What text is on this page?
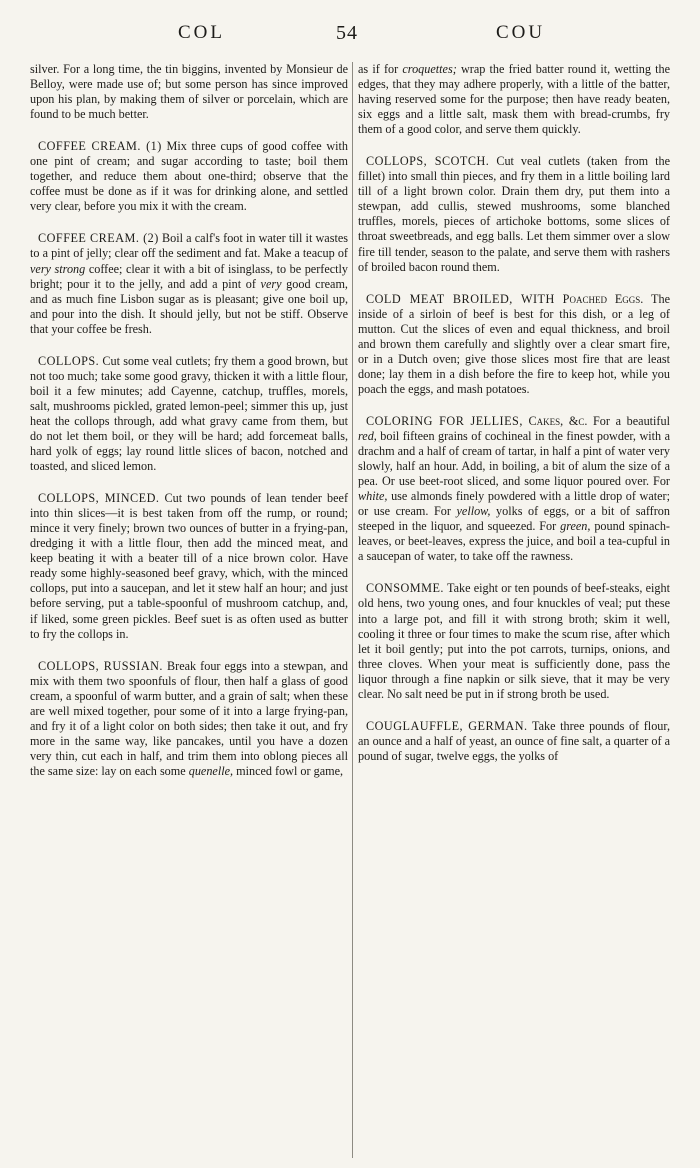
COL	54	COU

silver. For a long time, the tin biggins, invented by Monsieur de Belloy, were made use of; but some person has since improved upon his plan, by making them of silver or porcelain, which are found to be much better.

COFFEE CREAM. (1) Mix three cups of good coffee with one pint of cream; and sugar according to taste; boil them together, and reduce them about one-third; observe that the coffee must be done as if it was for drinking alone, and settled very clear, before you mix it with the cream.

COFFEE CREAM. (2) Boil a calf's foot in water till it wastes to a pint of jelly; clear off the sediment and fat. Make a teacup of very strong coffee; clear it with a bit of isinglass, to be perfectly bright; pour it to the jelly, and add a pint of very good cream, and as much fine Lisbon sugar as is pleasant; give one boil up, and pour into the dish. It should jelly, but not be stiff. Observe that your coffee be fresh.

COLLOPS. Cut some veal cutlets; fry them a good brown, but not too much; take some good gravy, thicken it with a little flour, boil it a few minutes; add Cayenne, catchup, truffles, morels, salt, mushrooms pickled, grated lemon-peel; simmer this up, just heat the collops through, add what gravy came from them, but do not let them boil, or they will be hard; add forcemeat balls, hard yolk of eggs; lay round little slices of bacon, notched and toasted, and sliced lemon.

COLLOPS, MINCED. Cut two pounds of lean tender beef into thin slices—it is best taken from off the rump, or round; mince it very finely; brown two ounces of butter in a frying-pan, dredging it with a little flour, then add the minced meat, and keep beating it with a beater till of a nice brown color. Have ready some highly-seasoned beef gravy, which, with the minced collops, put into a saucepan, and let it stew half an hour; and just before serving, put a table-spoonful of mushroom catchup, and, if liked, some green pickles. Beef suet is as often used as butter to fry the collops in.

COLLOPS, RUSSIAN. Break four eggs into a stewpan, and mix with them two spoonfuls of flour, then half a glass of good cream, a spoonful of warm butter, and a grain of salt; when these are well mixed together, pour some of it into a large frying-pan, and fry it of a light color on both sides; then take it out, and fry more in the same way, like pancakes, until you have a dozen very thin, cut each in half, and trim them into oblong pieces all the same size: lay on each some quenelle, minced fowl or game,

as if for croquettes; wrap the fried batter round it, wetting the edges, that they may adhere properly, with a little of the batter, having reserved some for the purpose; then have ready beaten, six eggs and a little salt, mask them with bread-crumbs, fry them of a good color, and serve them quickly.

COLLOPS, SCOTCH. Cut veal cutlets (taken from the fillet) into small thin pieces, and fry them in a little boiling lard till of a light brown color. Drain them dry, put them into a stewpan, add cullis, stewed mushrooms, some blanched truffles, morels, pieces of artichoke bottoms, some slices of throat sweetbreads, and egg balls. Let them simmer over a slow fire till tender, season to the palate, and serve them with rashers of broiled bacon round them.

COLD MEAT BROILED, WITH Poached Eggs. The inside of a sirloin of beef is best for this dish, or a leg of mutton. Cut the slices of even and equal thickness, and broil and brown them carefully and slightly over a clear smart fire, or in a Dutch oven; give those slices most fire that are least done; lay them in a dish before the fire to keep hot, while you poach the eggs, and mash potatoes.

COLORING FOR JELLIES, Cakes, &c. For a beautiful red, boil fifteen grains of cochineal in the finest powder, with a drachm and a half of cream of tartar, in half a pint of water very slowly, half an hour. Add, in boiling, a bit of alum the size of a pea. Or use beet-root sliced, and some liquor poured over. For white, use almonds finely powdered with a little drop of water; or use cream. For yellow, yolks of eggs, or a bit of saffron steeped in the liquor, and squeezed. For green, pound spinach-leaves, or beet-leaves, express the juice, and boil a tea-cupful in a saucepan of water, to take off the rawness.

CONSOMME. Take eight or ten pounds of beef-steaks, eight old hens, two young ones, and four knuckles of veal; put these into a large pot, and fill it with strong broth; skim it well, cooling it three or four times to make the scum rise, after which let it boil gently; put into the pot carrots, turnips, onions, and three cloves. When your meat is sufficiently done, pass the liquor through a fine napkin or silk sieve, that it may be very clear. No salt need be put in if strong broth be used.

COUGLAUFFLE, GERMAN. Take three pounds of flour, an ounce and a half of yeast, an ounce of fine salt, a quarter of a pound of sugar, twelve eggs, the yolks of
